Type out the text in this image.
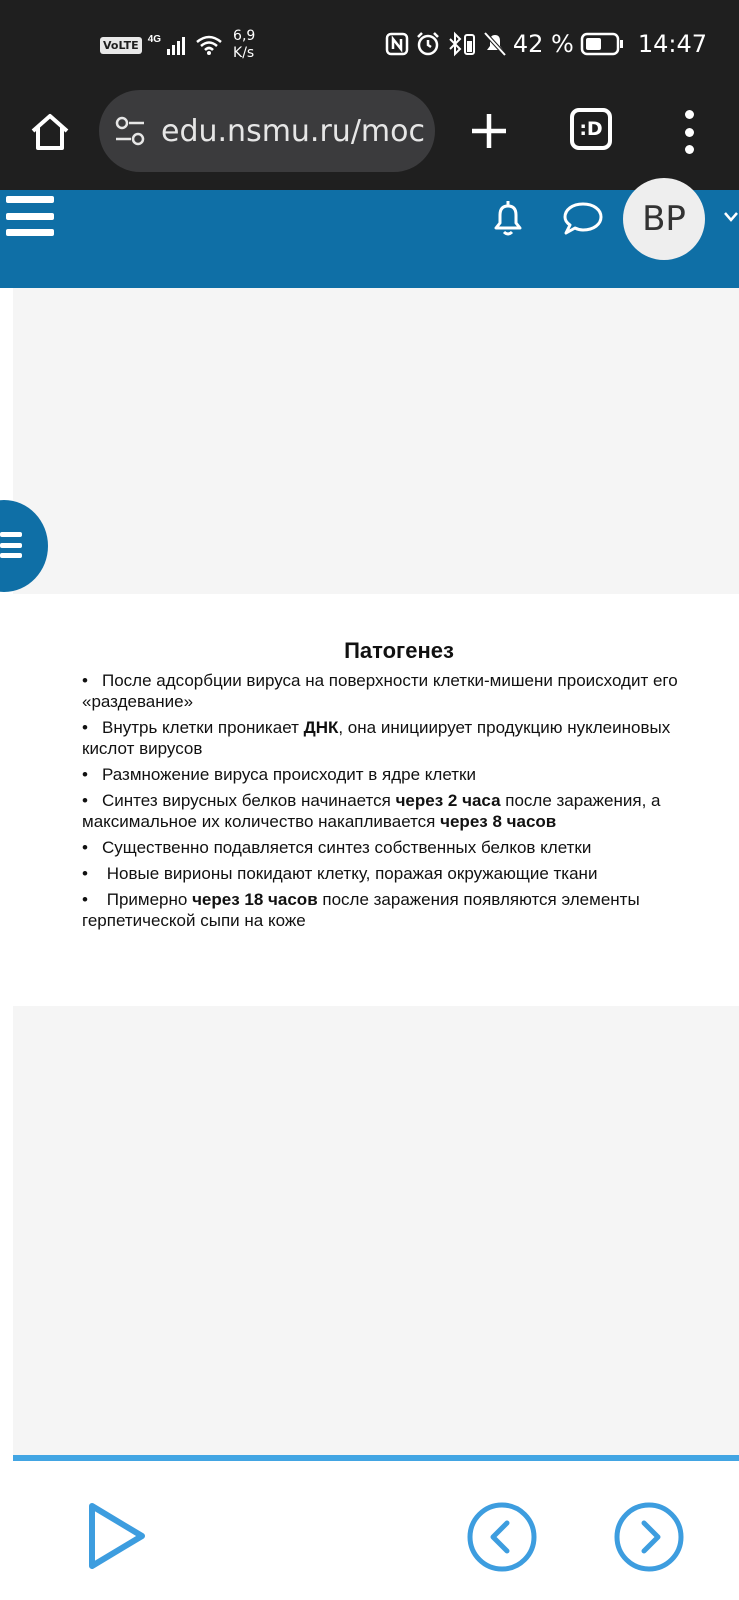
VoLTE 4G	6,9
K/s	42 %	14:47
edu.nsmu.ru/moc	:D
ВР
Патогенез
• После адсорбции вируса на поверхности клетки-мишени происходит его «раздевание»
• Внутрь клетки проникает ДНК, она инициирует продукцию нуклеиновых кислот вирусов
• Размножение вируса происходит в ядре клетки
• Синтез вирусных белков начинается через 2 часа после заражения, а максимальное их количество накапливается через 8 часов
• Существенно подавляется синтез собственных белков клетки
• Новые вирионы покидают клетку, поражая окружающие ткани
• Примерно через 18 часов после заражения появляются элементы герпетической сыпи на коже
